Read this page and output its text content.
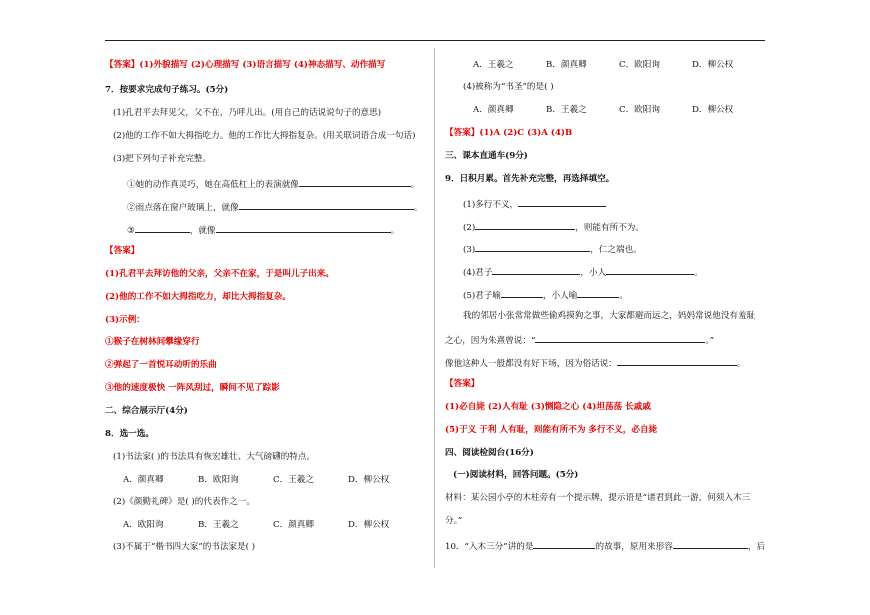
【答案】(1)外貌描写 (2)心理描写 (3)语言描写 (4)神态描写、动作描写
7．按要求完成句子练习。(5分)
(1)孔君平去拜见父，父不在，乃呼儿出。(用自己的话说说句子的意思)
(2)他的工作不如大拇指吃力。他的工作比大拇指复杂。(用关联词语合成一句话)
(3)把下列句子补充完整。
①她的动作真灵巧，她在高低杠上的表演就像	。
②雨点落在窗户玻璃上，就像	。
③	，就像	。
【答案】
(1)孔君平去拜访他的父亲，父亲不在家，于是叫儿子出来。
(2)他的工作不如大拇指吃力，却比大拇指复杂。
(3)示例：
①猴子在树林间攀缘穿行
②弹起了一首悦耳动听的乐曲
③他的速度极快 一阵风刮过，瞬间不见了踪影
二、综合展示厅(4分)
8．选一选。
(1)书法家( )的书法具有恢宏雄壮、大气磅礴的特点。
A．颜真卿	B．欧阳询	C．王羲之	D．柳公权
(2)《颜勤礼碑》是( )的代表作之一。
A．欧阳询	B．王羲之	C．颜真卿	D．柳公权
(3)不属于“楷书四大家”的书法家是( )
A．王羲之	B．颜真卿	C．欧阳询	D．柳公权
(4)被称为“书圣”的是( )
A．颜真卿	B．王羲之	C．欧阳询	D．柳公权
【答案】(1)A (2)C (3)A (4)B
三、课本直通车(9分)
9．日积月累。首先补充完整，再选择填空。
(1)多行不义，
(2)	，则能有所不为。
(3)	，仁之端也。
(4)君子	，小人	。
(5)君子喻	，小人喻	。
我的邻居小张常常做些偷鸡摸狗之事，大家都避而远之，妈妈常说他没有羞耻
之心，因为朱熹曾说：“	。”
像他这种人一般都没有好下场，因为俗话说：	。
【答案】
(1)必自毙 (2)人有耻 (3)恻隐之心 (4)坦荡荡 长戚戚
(5)于义 于利 人有耻，则能有所不为 多行不义，必自毙
四、阅读检阅台(16分)
(一)阅读材料，回答问题。(5分)
材料：某公园小亭的木柱旁有一个提示牌，提示语是“诸君到此一游，何须入木三
分。”
10．“入木三分”讲的是	的故事，原用来形容	，后
